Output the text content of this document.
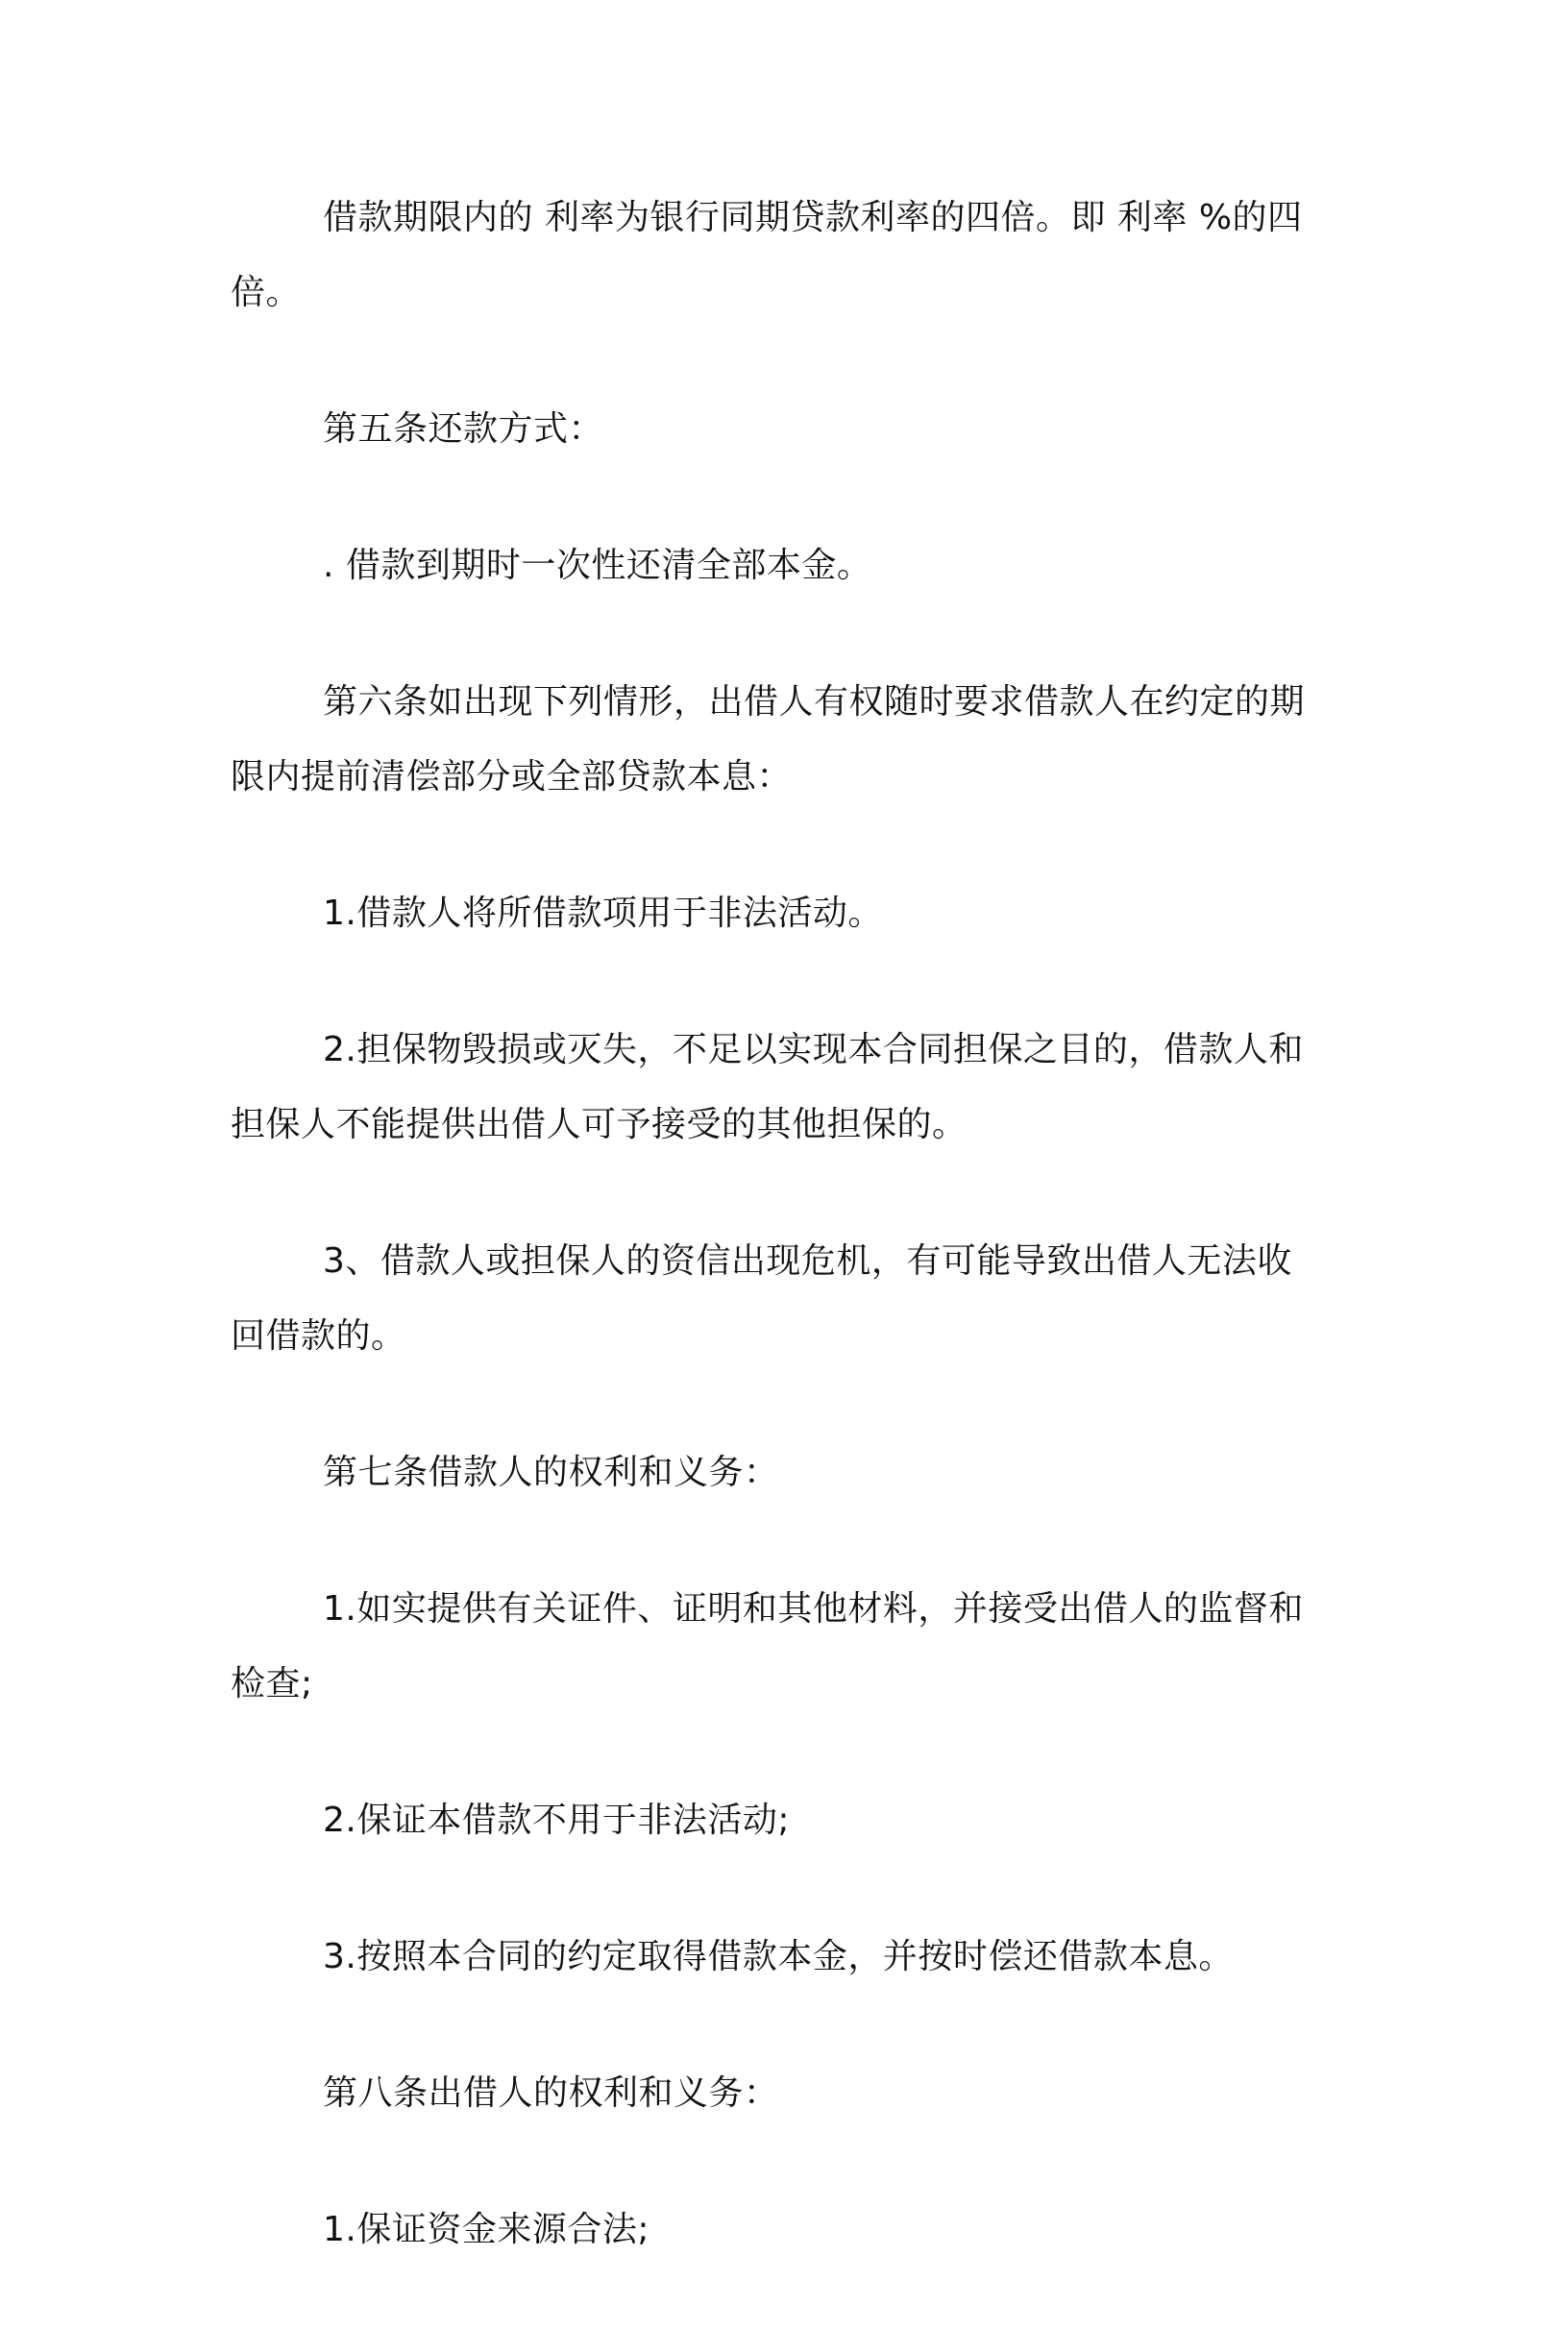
借款期限内的 利率为银行同期贷款利率的四倍。即 利率 %的四倍。

第五条还款方式：

. 借款到期时一次性还清全部本金。

第六条如出现下列情形，出借人有权随时要求借款人在约定的期限内提前清偿部分或全部贷款本息：

1.借款人将所借款项用于非法活动。

2.担保物毁损或灭失，不足以实现本合同担保之目的，借款人和担保人不能提供出借人可予接受的其他担保的。

3、借款人或担保人的资信出现危机，有可能导致出借人无法收回借款的。

第七条借款人的权利和义务：

1.如实提供有关证件、证明和其他材料，并接受出借人的监督和检查;

2.保证本借款不用于非法活动;

3.按照本合同的约定取得借款本金，并按时偿还借款本息。

第八条出借人的权利和义务：

1.保证资金来源合法;
